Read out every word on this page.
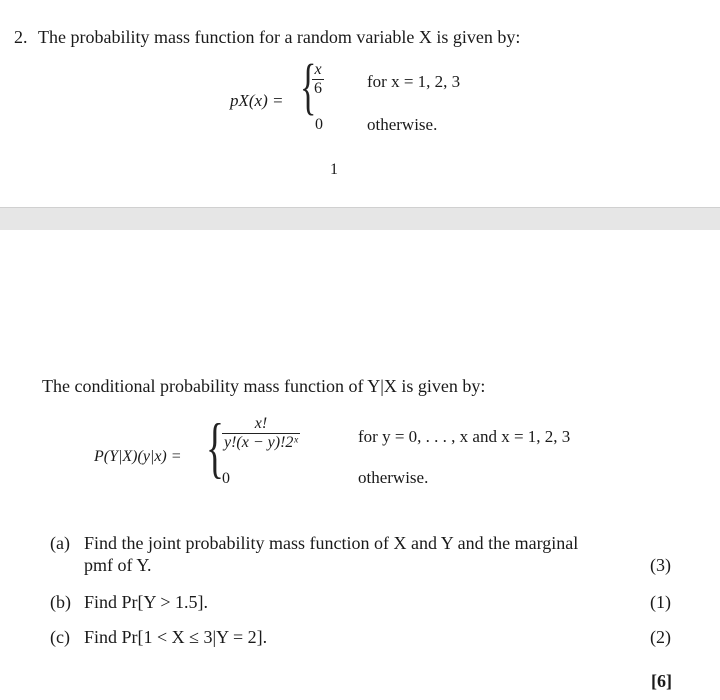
2. The probability mass function for a random variable X is given by:
pX(x) = {
$\frac{x}{6}$	for x = 1, 2, 3
0	otherwise.
1
The conditional probability mass function of Y|X is given by:
P(Y|X)(y|x) = {
$\frac{x!}{\text{y!(x − y)!2ˣ}}$	for y = 0, . . . , x and x = 1, 2, 3
0	otherwise.
(a) Find the joint probability mass function of X and Y and the marginal
pmf of Y.	(3)
(b) Find Pr[Y > 1.5].	(1)
(c) Find Pr[1 < X ≤ 3|Y = 2].	(2)
[6]
